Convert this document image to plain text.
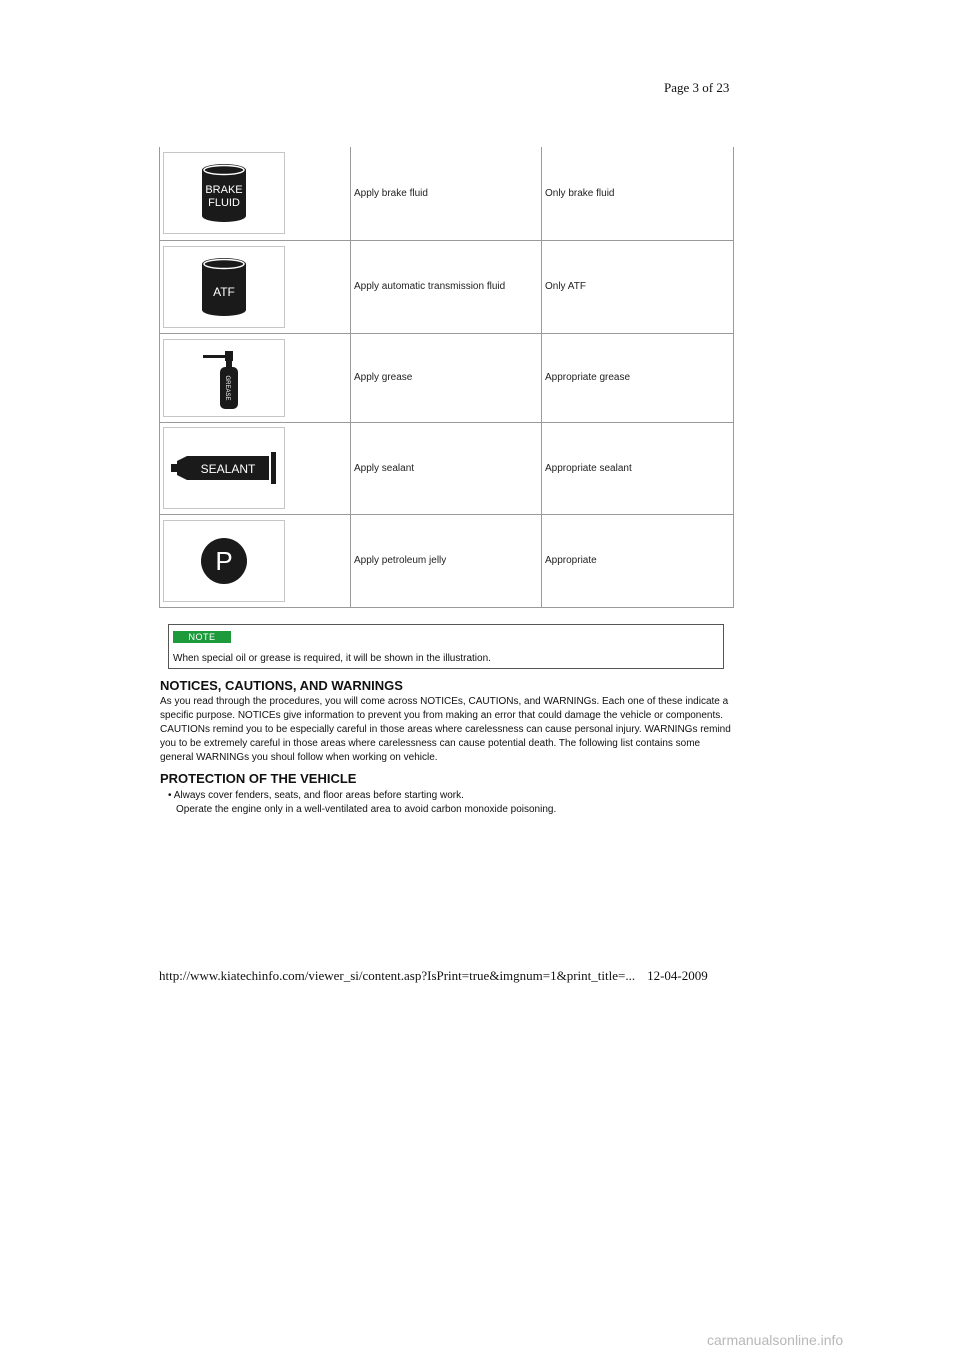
Page 3 of 23
BRAKE
FLUID	Apply brake fluid	Only brake fluid

ATF	Apply automatic transmission fluid	Only ATF

GREASE	Apply grease	Appropriate grease

SEALANT	Apply sealant	Appropriate sealant

P	Apply petroleum jelly	Appropriate
NOTE
When special oil or grease is required, it will be shown in the illustration.
NOTICES, CAUTIONS, AND WARNINGS
As you read through the procedures, you will come across NOTICEs, CAUTIONs, and WARNINGs. Each one of these indicate a specific purpose. NOTICEs give information to prevent you from making an error that could damage the vehicle or components. CAUTIONs remind you to be especially careful in those areas where carelessness can cause personal injury. WARNINGs remind you to be extremely careful in those areas where carelessness can cause potential death. The following list contains some general WARNINGs you shoul follow when working on vehicle.
PROTECTION OF THE VEHICLE
• Always cover fenders, seats, and floor areas before starting work.
Operate the engine only in a well-ventilated area to avoid carbon monoxide poisoning.
http://www.kiatechinfo.com/viewer_si/content.asp?IsPrint=true&imgnum=1&print_title=... 12-04-2009
carmanualsonline.info
